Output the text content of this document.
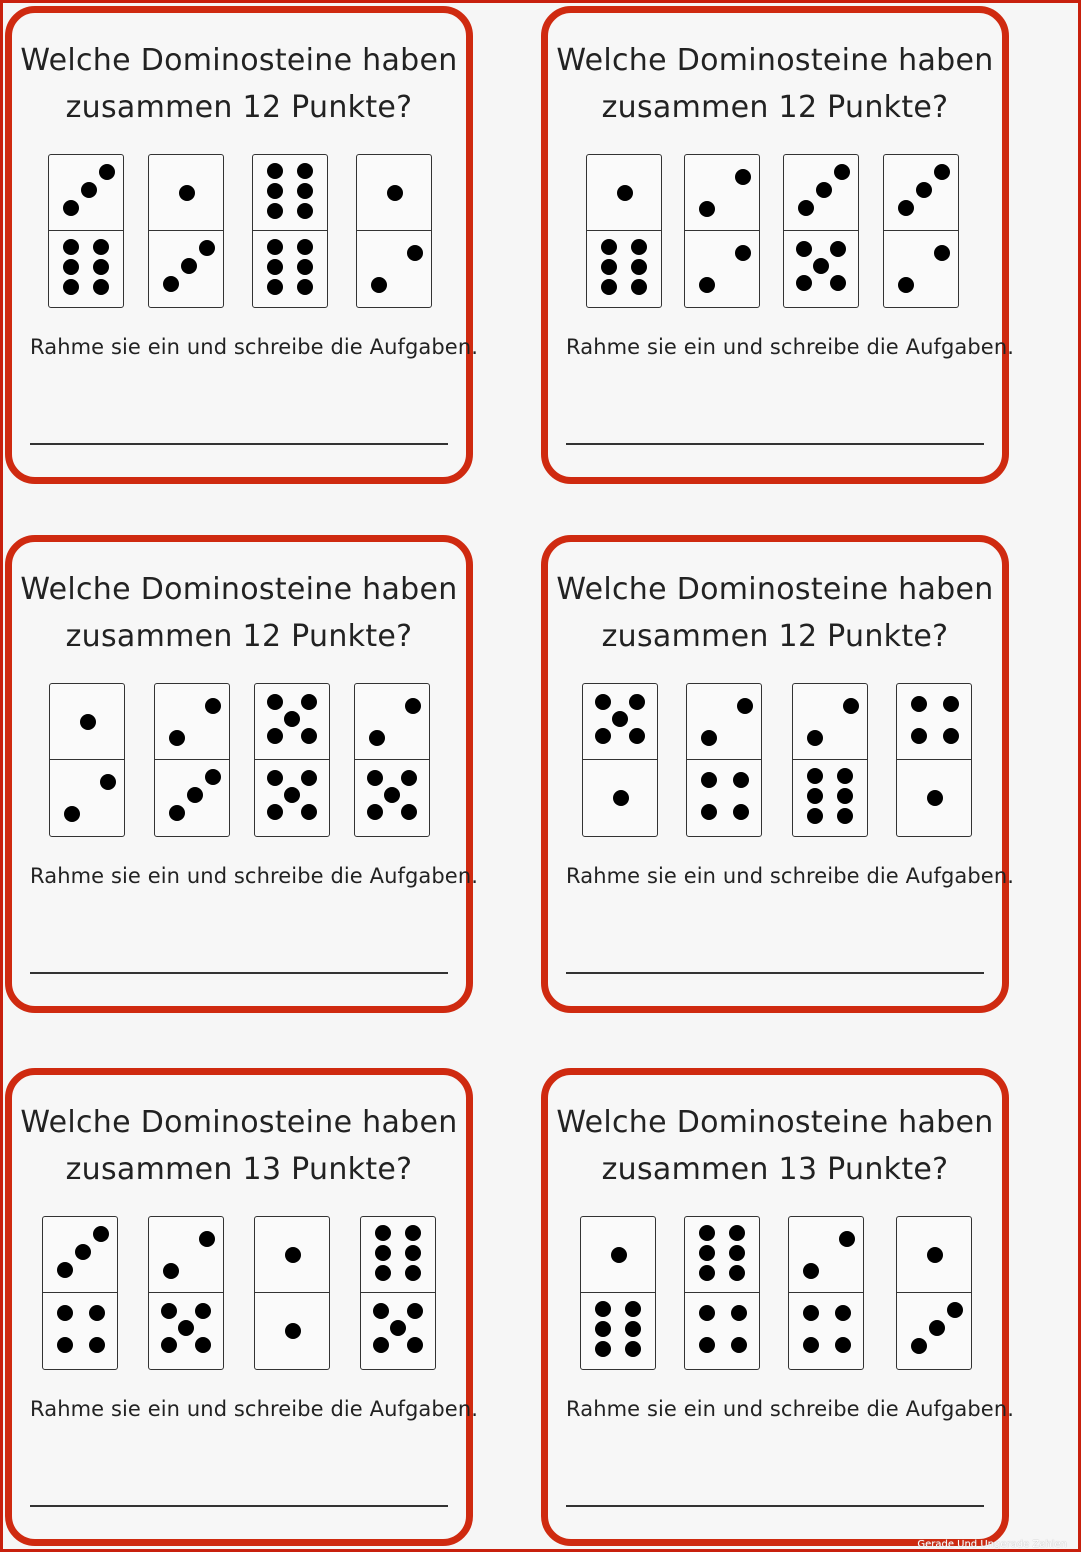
Welche Dominosteine haben
zusammen 12 Punkte?
Rahme sie ein und schreibe die Aufgaben.
Welche Dominosteine haben
zusammen 12 Punkte?
Rahme sie ein und schreibe die Aufgaben.
Welche Dominosteine haben
zusammen 12 Punkte?
Rahme sie ein und schreibe die Aufgaben.
Welche Dominosteine haben
zusammen 12 Punkte?
Rahme sie ein und schreibe die Aufgaben.
Welche Dominosteine haben
zusammen 13 Punkte?
Rahme sie ein und schreibe die Aufgaben.
Welche Dominosteine haben
zusammen 13 Punkte?
Rahme sie ein und schreibe die Aufgaben.
Gerade Und Ungerade Zahlen
